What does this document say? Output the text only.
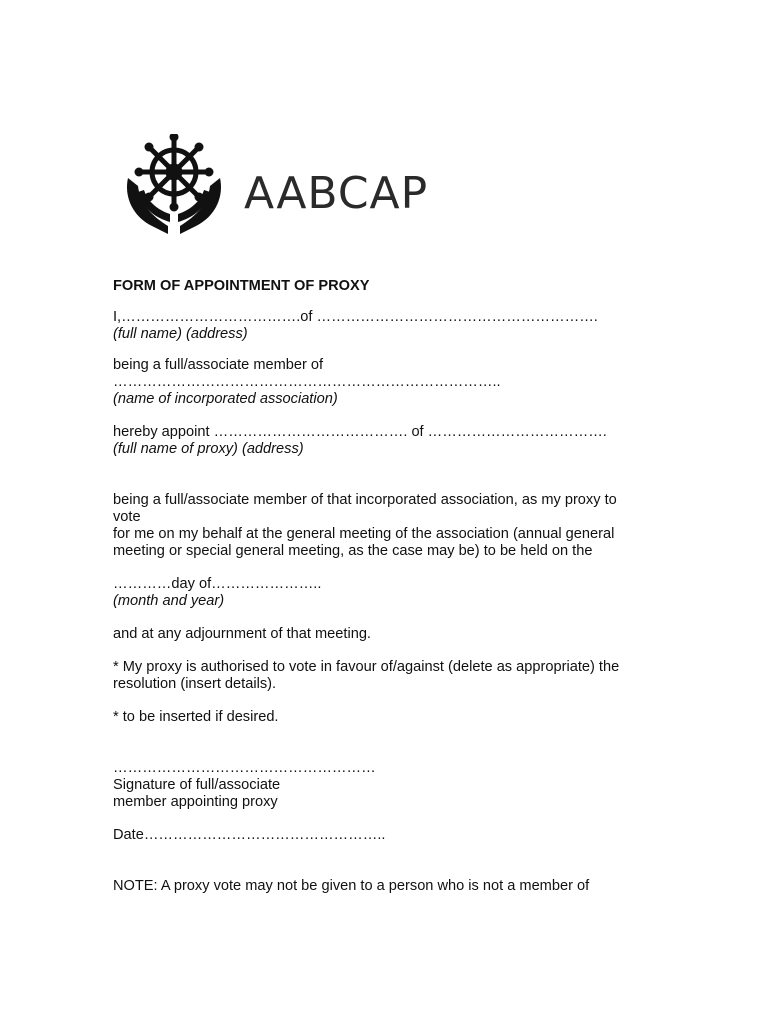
AABCAP

FORM OF APPOINTMENT OF PROXY

I,……………………………….of ………………………………………………….

(full name) (address)

being a full/associate member of

……………………………………………………………………..

(name of incorporated association)

hereby appoint …………………………………. of ……………………………….

(full name of proxy) (address)

being a full/associate member of that incorporated association, as my proxy to

vote

for me on my behalf at the general meeting of the association (annual general

meeting or special general meeting, as the case may be) to be held on the

…………day of…………………..

(month and year)

and at any adjournment of that meeting.

* My proxy is authorised to vote in favour of/against (delete as appropriate) the

resolution (insert details).

* to be inserted if desired.

………………………………………………

Signature of full/associate

member appointing proxy

Date…………………………………………..

NOTE: A proxy vote may not be given to a person who is not a member of
